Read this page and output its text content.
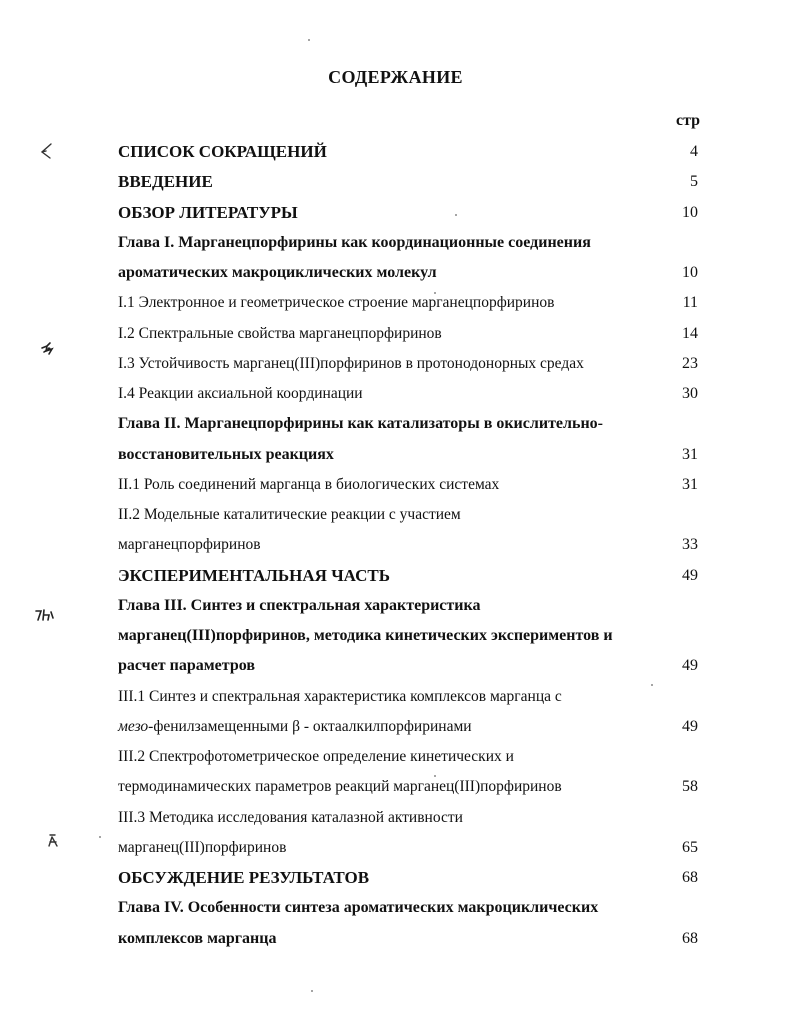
СОДЕРЖАНИЕ
стр
СПИСОК СОКРАЩЕНИЙ	4
ВВЕДЕНИЕ	5
ОБЗОР ЛИТЕРАТУРЫ	10
Глава I. Марганецпорфирины как координационные соединения
ароматических макроциклических молекул	10
I.1 Электронное и геометрическое строение марганецпорфиринов	11
I.2 Спектральные свойства марганецпорфиринов	14
I.3 Устойчивость марганец(III)порфиринов в протонодонорных средах	23
I.4 Реакции аксиальной координации	30
Глава II. Марганецпорфирины как катализаторы в окислительно-
восстановительных реакциях	31
II.1 Роль соединений марганца в биологических системах	31
II.2 Модельные каталитические реакции с участием
марганецпорфиринов	33
ЭКСПЕРИМЕНТАЛЬНАЯ ЧАСТЬ	49
Глава III. Синтез и спектральная характеристика
марганец(III)порфиринов, методика кинетических экспериментов и
расчет параметров	49
III.1 Синтез и спектральная характеристика комплексов марганца с
мезо-фенилзамещенными β - октаалкилпорфиринами	49
III.2 Спектрофотометрическое определение кинетических и
термодинамических параметров реакций марганец(III)порфиринов	58
III.3 Методика исследования каталазной активности
марганец(III)порфиринов	65
ОБСУЖДЕНИЕ РЕЗУЛЬТАТОВ	68
Глава IV. Особенности синтеза ароматических макроциклических
комплексов марганца	68
